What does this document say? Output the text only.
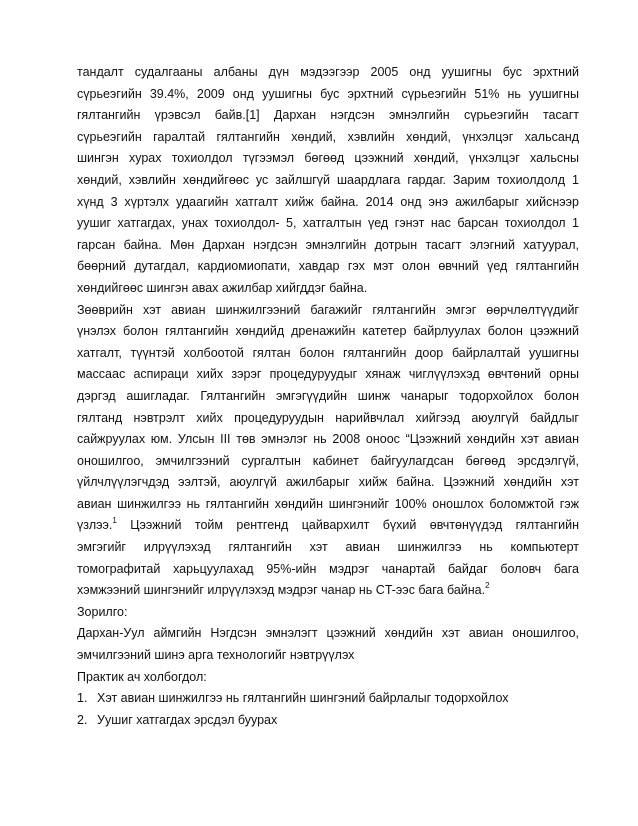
тандалт судалгааны албаны дүн мэдээгээр 2005 онд уушигны бус эрхтний
сүрьеэгийн 39.4%, 2009 онд уушигны бус эрхтний сүрьеэгийн 51% нь уушигны
гялтангийн үрэвсэл байв.[1] Дархан нэгдсэн эмнэлгийн сүрьеэгийн тасагт
сүрьеэгийн гаралтай гялтангийн хөндий, хэвлийн хөндий, үнхэлцэг хальсанд
шингэн хурах тохиолдол түгээмэл бөгөөд цээжний хөндий, үнхэлцэг хальсны
хөндий, хэвлийн хөндийгөөс ус зайлшгүй шаардлага гардаг. Зарим тохиолдолд 1
хүнд 3 хүртэлх удаагийн хатгалт хийж байна. 2014 онд энэ ажилбарыг хийснээр
уушиг хатгагдах, унах тохиолдол- 5, хатгалтын үед гэнэт нас барсан тохиолдол 1
гарсан байна. Мөн Дархан нэгдсэн эмнэлгийн дотрын тасагт элэгний хатуурал,
бөөрний дутагдал, кардиомиопати, хавдар гэх мэт олон өвчний үед гялтангийн
хөндийгөөс шингэн авах ажилбар хийгддэг байна.
Зөөврийн хэт авиан шинжилгээний багажийг гялтангийн эмгэг өөрчлөлтүүдийг
үнэлэх болон гялтангийн хөндийд дренажийн катетер байрлуулах болон цээжний
хатгалт, түүнтэй холбоотой гялтан болон гялтангийн доор байрлалтай уушигны
массаас аспираци хийх зэрэг процедуруудыг хянаж чиглүүлэхэд өвчтөний орны
дэргэд ашигладаг. Гялтангийн эмгэгүүдийн шинж чанарыг тодорхойлох болон
гялтанд нэвтрэлт хийх процедуруудын нарийвчлал хийгээд аюулгүй байдлыг
сайжруулах юм. Улсын III төв эмнэлэг нь 2008 оноос “Цээжний хөндийн хэт авиан
оношилгоо, эмчилгээний сургалтын кабинет байгуулагдсан бөгөөд эрсдэлгүй,
үйлчлүүлэгчдэд ээлтэй, аюулгүй ажилбарыг хийж байна. Цээжний хөндийн хэт
авиан шинжилгээ нь гялтангийн хөндийн шингэнийг 100% оношлох боломжтой гэж
үзлээ.$^1$ Цээжний тойм рентгенд цайвархилт бүхий өвчтөнүүдэд гялтангийн
эмгэгийг илрүүлэхэд гялтангийн хэт авиан шинжилгээ нь компьютерт
томографитай харьцуулахад 95%-ийн мэдрэг чанартай байдаг боловч бага
хэмжээний шингэнийг илрүүлэхэд мэдрэг чанар нь CT-ээс бага байна.$^2$
Зорилго:
Дархан-Уул аймгийн Нэгдсэн эмнэлэгт цээжний хөндийн хэт авиан оношилгоо,
эмчилгээний шинэ арга технологийг нэвтрүүлэх
Практик ач холбогдол:
1. Хэт авиан шинжилгээ нь гялтангийн шингэний байрлалыг тодорхойлох
2. Уушиг хатгагдах эрсдэл буурах
